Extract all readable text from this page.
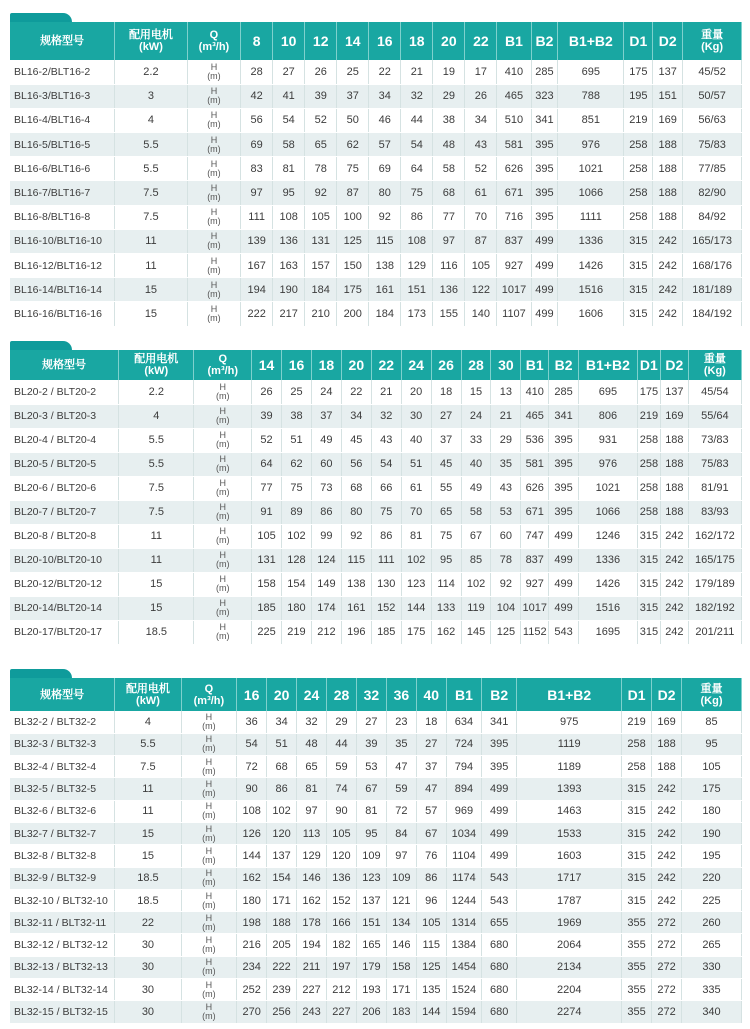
规格型号	配用电机
(kW)	Q
(m³/h)	8	10	12	14	16	18	20	22	B1	B2	B1+B2	D1	D2	重量
(Kg)

BL16-2/BLT16-2	2.2	H
(m)	28	27	26	25	22	21	19	17	410	285	695	175	137	45/52
BL16-3/BLT16-3	3	H
(m)	42	41	39	37	34	32	29	26	465	323	788	195	151	50/57
BL16-4/BLT16-4	4	H
(m)	56	54	52	50	46	44	38	34	510	341	851	219	169	56/63
BL16-5/BLT16-5	5.5	H
(m)	69	58	65	62	57	54	48	43	581	395	976	258	188	75/83
BL16-6/BLT16-6	5.5	H
(m)	83	81	78	75	69	64	58	52	626	395	1021	258	188	77/85
BL16-7/BLT16-7	7.5	H
(m)	97	95	92	87	80	75	68	61	671	395	1066	258	188	82/90
BL16-8/BLT16-8	7.5	H
(m)	111	108	105	100	92	86	77	70	716	395	1111	258	188	84/92
BL16-10/BLT16-10	11	H
(m)	139	136	131	125	115	108	97	87	837	499	1336	315	242	165/173
BL16-12/BLT16-12	11	H
(m)	167	163	157	150	138	129	116	105	927	499	1426	315	242	168/176
BL16-14/BLT16-14	15	H
(m)	194	190	184	175	161	151	136	122	1017	499	1516	315	242	181/189
BL16-16/BLT16-16	15	H
(m)	222	217	210	200	184	173	155	140	1107	499	1606	315	242	184/192
规格型号	配用电机
(kW)	Q
(m³/h)	14	16	18	20	22	24	26	28	30	B1	B2	B1+B2	D1	D2	重量
(Kg)

BL20-2 / BLT20-2	2.2	H
(m)	26	25	24	22	21	20	18	15	13	410	285	695	175	137	45/54
BL20-3 / BLT20-3	4	H
(m)	39	38	37	34	32	30	27	24	21	465	341	806	219	169	55/64
BL20-4 / BLT20-4	5.5	H
(m)	52	51	49	45	43	40	37	33	29	536	395	931	258	188	73/83
BL20-5 / BLT20-5	5.5	H
(m)	64	62	60	56	54	51	45	40	35	581	395	976	258	188	75/83
BL20-6 / BLT20-6	7.5	H
(m)	77	75	73	68	66	61	55	49	43	626	395	1021	258	188	81/91
BL20-7 / BLT20-7	7.5	H
(m)	91	89	86	80	75	70	65	58	53	671	395	1066	258	188	83/93
BL20-8 / BLT20-8	11	H
(m)	105	102	99	92	86	81	75	67	60	747	499	1246	315	242	162/172
BL20-10/BLT20-10	11	H
(m)	131	128	124	115	111	102	95	85	78	837	499	1336	315	242	165/175
BL20-12/BLT20-12	15	H
(m)	158	154	149	138	130	123	114	102	92	927	499	1426	315	242	179/189
BL20-14/BLT20-14	15	H
(m)	185	180	174	161	152	144	133	119	104	1017	499	1516	315	242	182/192
BL20-17/BLT20-17	18.5	H
(m)	225	219	212	196	185	175	162	145	125	1152	543	1695	315	242	201/211
规格型号	配用电机
(kW)	Q
(m³/h)	16	20	24	28	32	36	40	B1	B2	B1+B2	D1	D2	重量
(Kg)

BL32-2 / BLT32-2	4	H
(m)	36	34	32	29	27	23	18	634	341	975	219	169	85
BL32-3 / BLT32-3	5.5	H
(m)	54	51	48	44	39	35	27	724	395	1119	258	188	95
BL32-4 / BLT32-4	7.5	H
(m)	72	68	65	59	53	47	37	794	395	1189	258	188	105
BL32-5 / BLT32-5	11	H
(m)	90	86	81	74	67	59	47	894	499	1393	315	242	175
BL32-6 / BLT32-6	11	H
(m)	108	102	97	90	81	72	57	969	499	1463	315	242	180
BL32-7 / BLT32-7	15	H
(m)	126	120	113	105	95	84	67	1034	499	1533	315	242	190
BL32-8 / BLT32-8	15	H
(m)	144	137	129	120	109	97	76	1104	499	1603	315	242	195
BL32-9 / BLT32-9	18.5	H
(m)	162	154	146	136	123	109	86	1174	543	1717	315	242	220
BL32-10 / BLT32-10	18.5	H
(m)	180	171	162	152	137	121	96	1244	543	1787	315	242	225
BL32-11 / BLT32-11	22	H
(m)	198	188	178	166	151	134	105	1314	655	1969	355	272	260
BL32-12 / BLT32-12	30	H
(m)	216	205	194	182	165	146	115	1384	680	2064	355	272	265
BL32-13 / BLT32-13	30	H
(m)	234	222	211	197	179	158	125	1454	680	2134	355	272	330
BL32-14 / BLT32-14	30	H
(m)	252	239	227	212	193	171	135	1524	680	2204	355	272	335
BL32-15 / BLT32-15	30	H
(m)	270	256	243	227	206	183	144	1594	680	2274	355	272	340
